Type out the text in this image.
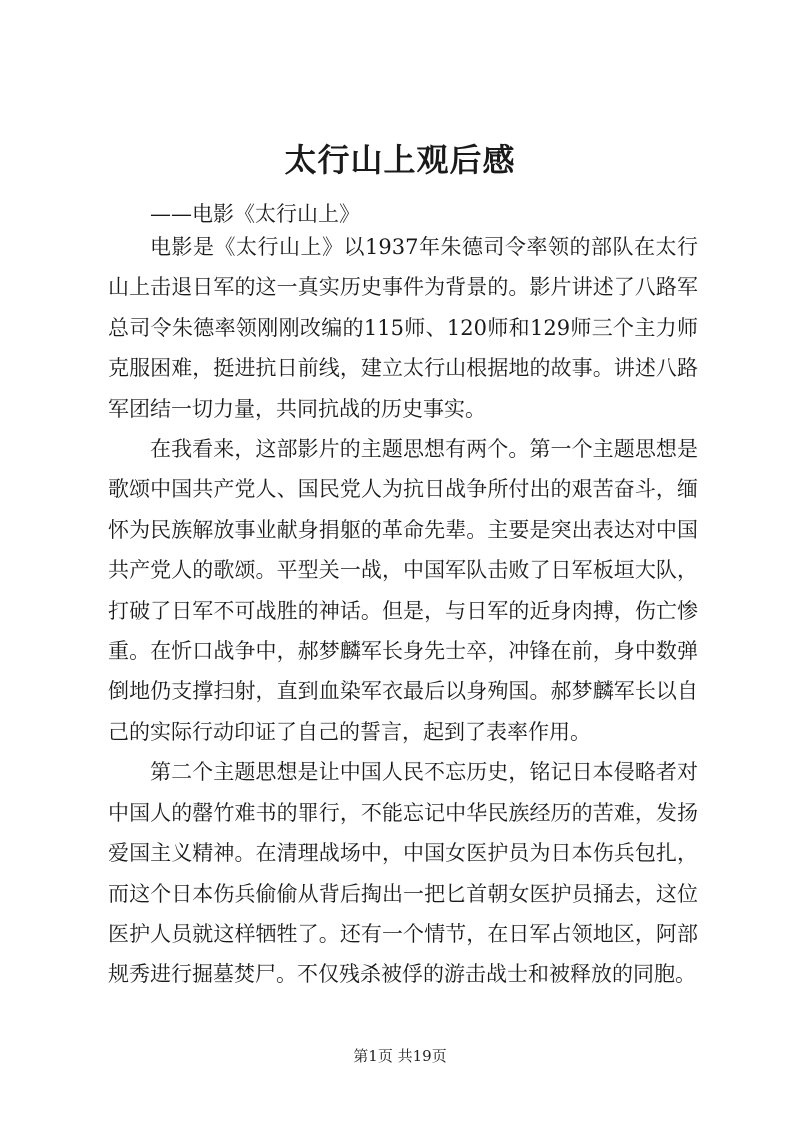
太行山上观后感
——电影《太行山上》

电影是《太行山上》以1937年朱德司令率领的部队在太行山上击退日军的这一真实历史事件为背景的。影片讲述了八路军总司令朱德率领刚刚改编的115师、120师和129师三个主力师克服困难，挺进抗日前线，建立太行山根据地的故事。讲述八路军团结一切力量，共同抗战的历史事实。

在我看来，这部影片的主题思想有两个。第一个主题思想是歌颂中国共产党人、国民党人为抗日战争所付出的艰苦奋斗，缅怀为民族解放事业献身捐躯的革命先辈。主要是突出表达对中国共产党人的歌颂。平型关一战，中国军队击败了日军板垣大队，打破了日军不可战胜的神话。但是，与日军的近身肉搏，伤亡惨重。在忻口战争中，郝梦麟军长身先士卒，冲锋在前，身中数弹倒地仍支撑扫射，直到血染军衣最后以身殉国。郝梦麟军长以自己的实际行动印证了自己的誓言，起到了表率作用。

第二个主题思想是让中国人民不忘历史，铭记日本侵略者对中国人的罄竹难书的罪行，不能忘记中华民族经历的苦难，发扬爱国主义精神。在清理战场中，中国女医护员为日本伤兵包扎，而这个日本伤兵偷偷从背后掏出一把匕首朝女医护员捅去，这位医护人员就这样牺牲了。还有一个情节，在日军占领地区，阿部规秀进行掘墓焚尸。不仅残杀被俘的游击战士和被释放的同胞。

第1页 共19页
